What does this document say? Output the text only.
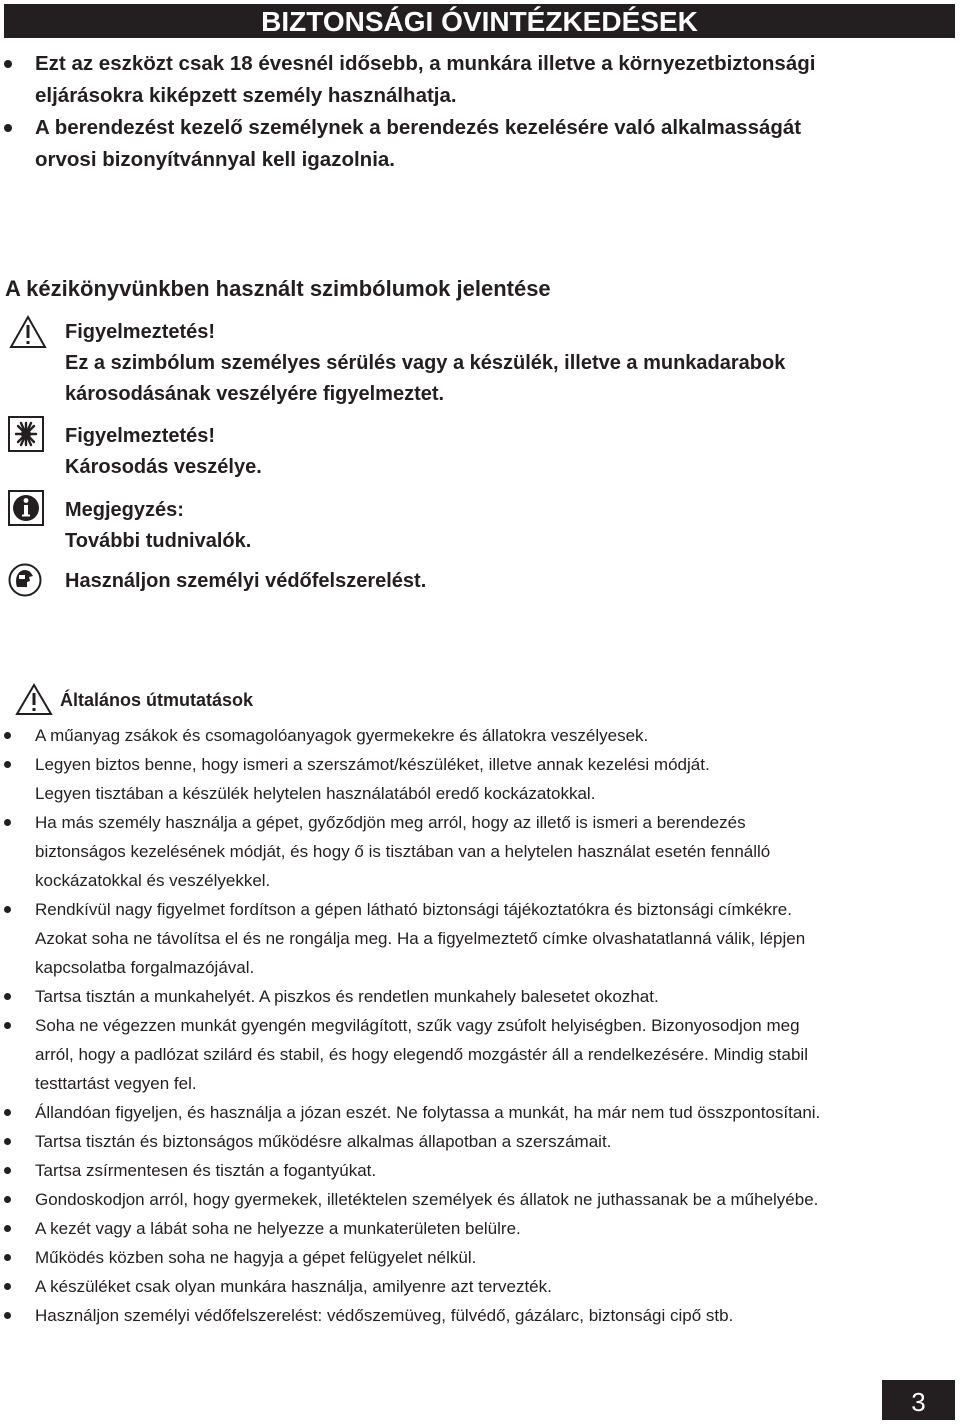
BIZTONSÁGI ÓVINTÉZKEDÉSEK
Ezt az eszközt csak 18 évesnél idősebb, a munkára illetve a környezetbiztonsági
eljárásokra kiképzett személy használhatja.
A berendezést kezelő személynek a berendezés kezelésére való alkalmasságát
orvosi bizonyítvánnyal kell igazolnia.
A kézikönyvünkben használt szimbólumok jelentése
Figyelmeztetés!
Ez a szimbólum személyes sérülés vagy a készülék, illetve a munkadarabok
károsodásának veszélyére figyelmeztet.
Figyelmeztetés!
Károsodás veszélye.
Megjegyzés:
További tudnivalók.
Használjon személyi védőfelszerelést.
Általános útmutatások
A műanyag zsákok és csomagolóanyagok gyermekekre és állatokra veszélyesek.
Legyen biztos benne, hogy ismeri a szerszámot/készüléket, illetve annak kezelési módját.
Legyen tisztában a készülék helytelen használatából eredő kockázatokkal.
Ha más személy használja a gépet, győződjön meg arról, hogy az illető is ismeri a berendezés
biztonságos kezelésének módját, és hogy ő is tisztában van a helytelen használat esetén fennálló
kockázatokkal és veszélyekkel.
Rendkívül nagy figyelmet fordítson a gépen látható biztonsági tájékoztatókra és biztonsági címkékre.
Azokat soha ne távolítsa el és ne rongálja meg. Ha a figyelmeztető címke olvashatatlanná válik, lépjen
kapcsolatba forgalmazójával.
Tartsa tisztán a munkahelyét. A piszkos és rendetlen munkahely balesetet okozhat.
Soha ne végezzen munkát gyengén megvilágított, szűk vagy zsúfolt helyiségben. Bizonyosodjon meg
arról, hogy a padlózat szilárd és stabil, és hogy elegendő mozgástér áll a rendelkezésére. Mindig stabil
testtartást vegyen fel.
Állandóan figyeljen, és használja a józan eszét. Ne folytassa a munkát, ha már nem tud összpontosítani.
Tartsa tisztán és biztonságos működésre alkalmas állapotban a szerszámait.
Tartsa zsírmentesen és tisztán a fogantyúkat.
Gondoskodjon arról, hogy gyermekek, illetéktelen személyek és állatok ne juthassanak be a műhelyébe.
A kezét vagy a lábát soha ne helyezze a munkaterületen belülre.
Működés közben soha ne hagyja a gépet felügyelet nélkül.
A készüléket csak olyan munkára használja, amilyenre azt tervezték.
Használjon személyi védőfelszerelést: védőszemüveg, fülvédő, gázálarc, biztonsági cipő stb.
3
